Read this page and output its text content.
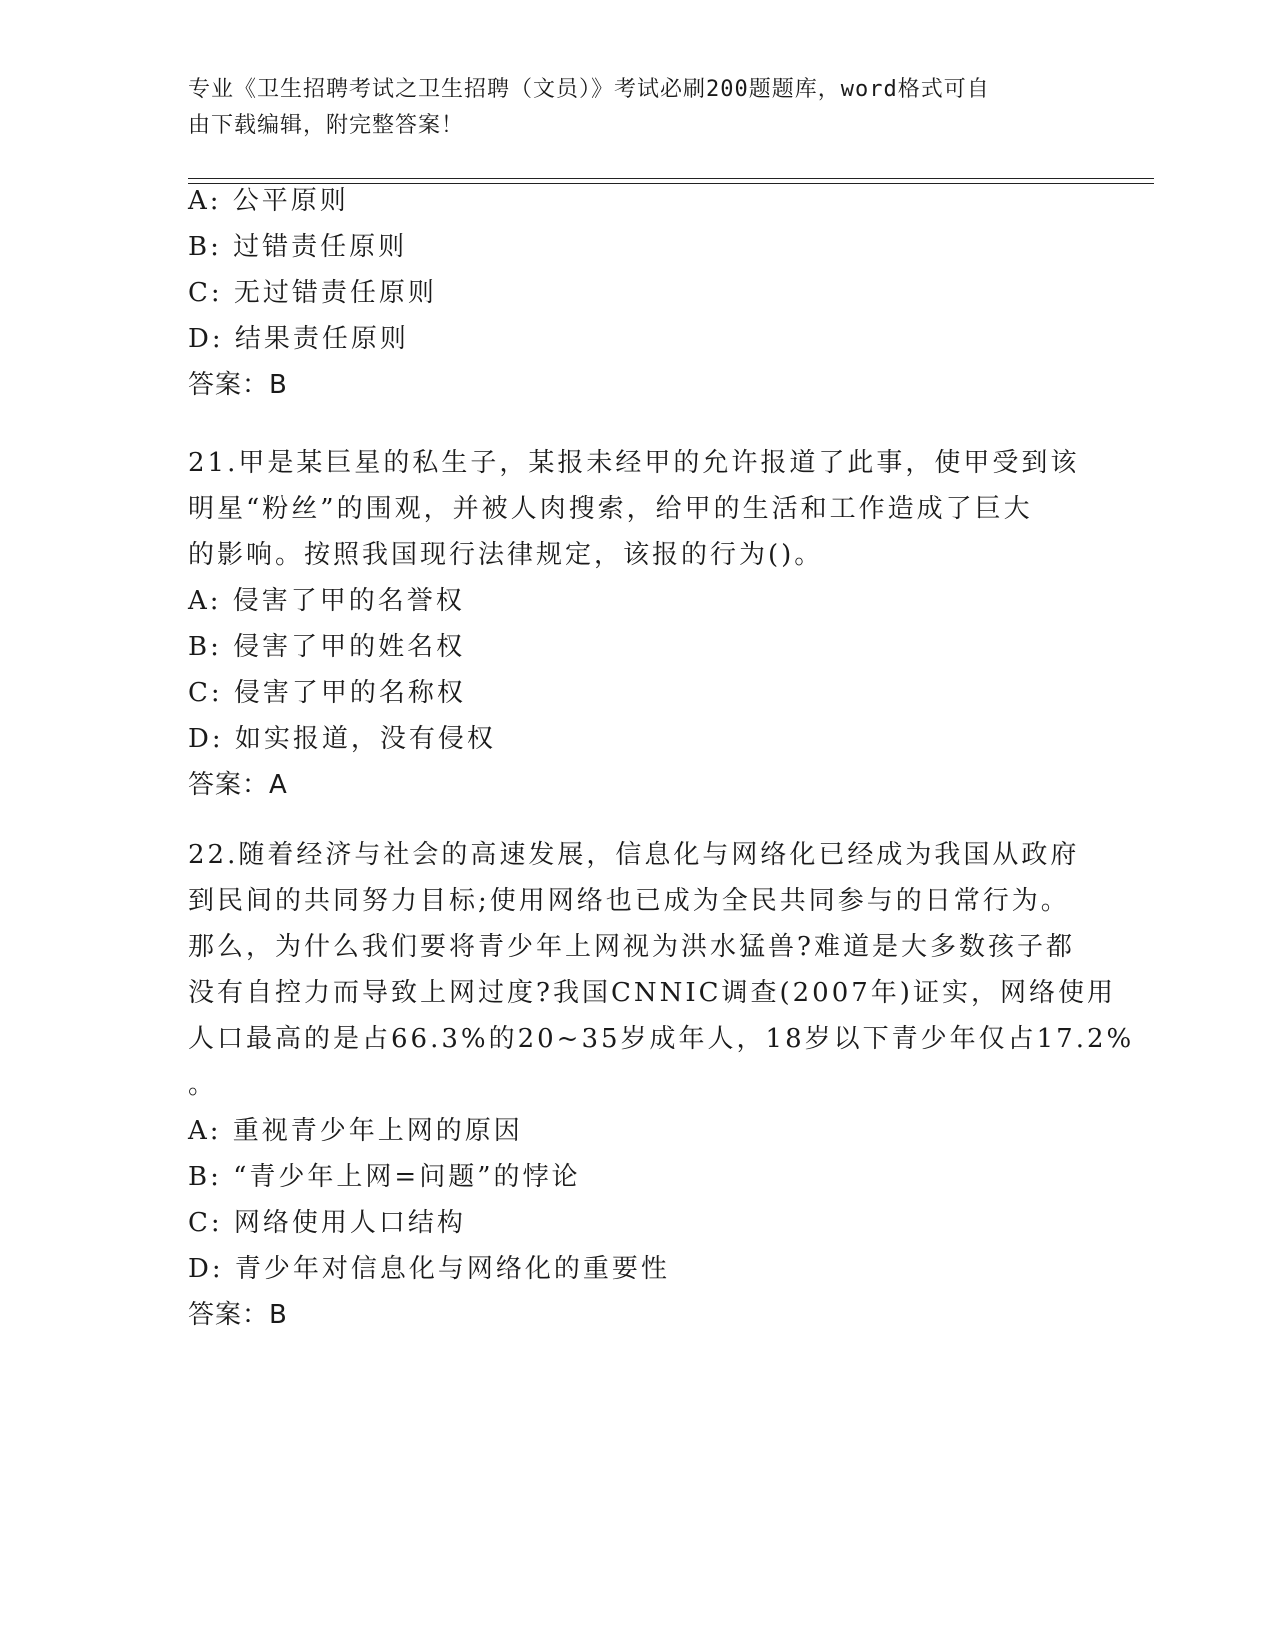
专业《卫生招聘考试之卫生招聘（文员）》考试必刷200题题库，word格式可自
由下载编辑，附完整答案！
A: 公平原则
B: 过错责任原则
C: 无过错责任原则
D: 结果责任原则
答案：B
21.甲是某巨星的私生子，某报未经甲的允许报道了此事，使甲受到该
明星“粉丝”的围观，并被人肉搜索，给甲的生活和工作造成了巨大
的影响。按照我国现行法律规定，该报的行为()。
A: 侵害了甲的名誉权
B: 侵害了甲的姓名权
C: 侵害了甲的名称权
D: 如实报道，没有侵权
答案：A
22.随着经济与社会的高速发展，信息化与网络化已经成为我国从政府
到民间的共同努力目标;使用网络也已成为全民共同参与的日常行为。
那么，为什么我们要将青少年上网视为洪水猛兽?难道是大多数孩子都
没有自控力而导致上网过度?我国CNNIC调查(2007年)证实，网络使用
人口最高的是占66.3%的20~35岁成年人，18岁以下青少年仅占17.2%
。
A: 重视青少年上网的原因
B: “青少年上网=问题”的悖论
C: 网络使用人口结构
D: 青少年对信息化与网络化的重要性
答案：B
